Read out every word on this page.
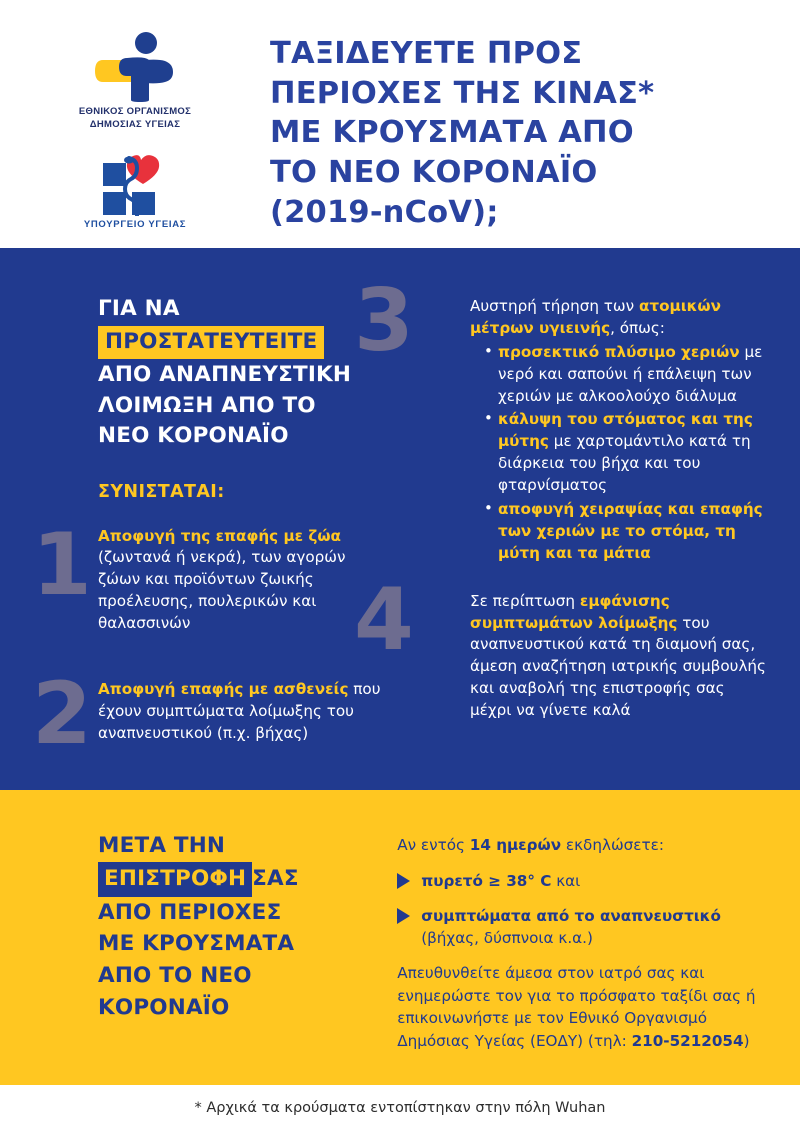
ΕΘΝΙΚΟΣ ΟΡΓΑΝΙΣΜΟΣ
ΔΗΜΟΣΙΑΣ ΥΓΕΙΑΣ
ΥΠΟΥΡΓΕΙΟ ΥΓΕΙΑΣ
ΤΑΞΙΔΕΥΕΤΕ ΠΡΟΣ
ΠΕΡΙΟΧΕΣ ΤΗΣ ΚΙΝΑΣ*
ΜΕ ΚΡΟΥΣΜΑΤΑ ΑΠΟ
ΤΟ ΝΕΟ ΚΟΡΟΝΑΪΟ
(2019-nCoV);
ΓΙΑ ΝΑ
ΠΡΟΣΤΑΤΕΥΤΕΙΤΕ
ΑΠΟ ΑΝΑΠΝΕΥΣΤΙΚΗ
ΛΟΙΜΩΞΗ ΑΠΟ ΤΟ
ΝΕΟ ΚΟΡΟΝΑΪΟ
ΣΥΝΙΣΤΑΤΑΙ:
1 Αποφυγή της επαφής με ζώα (ζωντανά ή νεκρά), των αγορών ζώων και προϊόντων ζωικής προέλευσης, πουλερικών και θαλασσινών
2 Αποφυγή επαφής με ασθενείς που έχουν συμπτώματα λοίμωξης του αναπνευστικού (π.χ. βήχας)
3	Αυστηρή τήρηση των ατομικών μέτρων υγιεινής, όπως:
• προσεκτικό πλύσιμο χεριών με νερό και σαπούνι ή επάλειψη των χεριών με αλκοολούχο διάλυμα
• κάλυψη του στόματος και της μύτης με χαρτομάντιλο κατά τη διάρκεια του βήχα και του φταρνίσματος
• αποφυγή χειραψίας και επαφής των χεριών με το στόμα, τη μύτη και τα μάτια
4	Σε περίπτωση εμφάνισης συμπτωμάτων λοίμωξης του αναπνευστικού κατά τη διαμονή σας, άμεση αναζήτηση ιατρικής συμβουλής και αναβολή της επιστροφής σας μέχρι να γίνετε καλά
ΜΕΤΑ ΤΗΝ
ΕΠΙΣΤΡΟΦΗ ΣΑΣ
ΑΠΟ ΠΕΡΙΟΧΕΣ
ΜΕ ΚΡΟΥΣΜΑΤΑ
ΑΠΟ ΤΟ ΝΕΟ
ΚΟΡΟΝΑΪΟ
Αν εντός 14 ημερών εκδηλώσετε:
πυρετό ≥ 38° C και
συμπτώματα από το αναπνευστικό (βήχας, δύσπνοια κ.α.)
Απευθυνθείτε άμεσα στον ιατρό σας και ενημερώστε τον για το πρόσφατο ταξίδι σας ή επικοινωνήστε με τον Εθνικό Οργανισμό Δημόσιας Υγείας (ΕΟΔΥ) (τηλ: 210-5212054)
* Αρχικά τα κρούσματα εντοπίστηκαν στην πόλη Wuhan
